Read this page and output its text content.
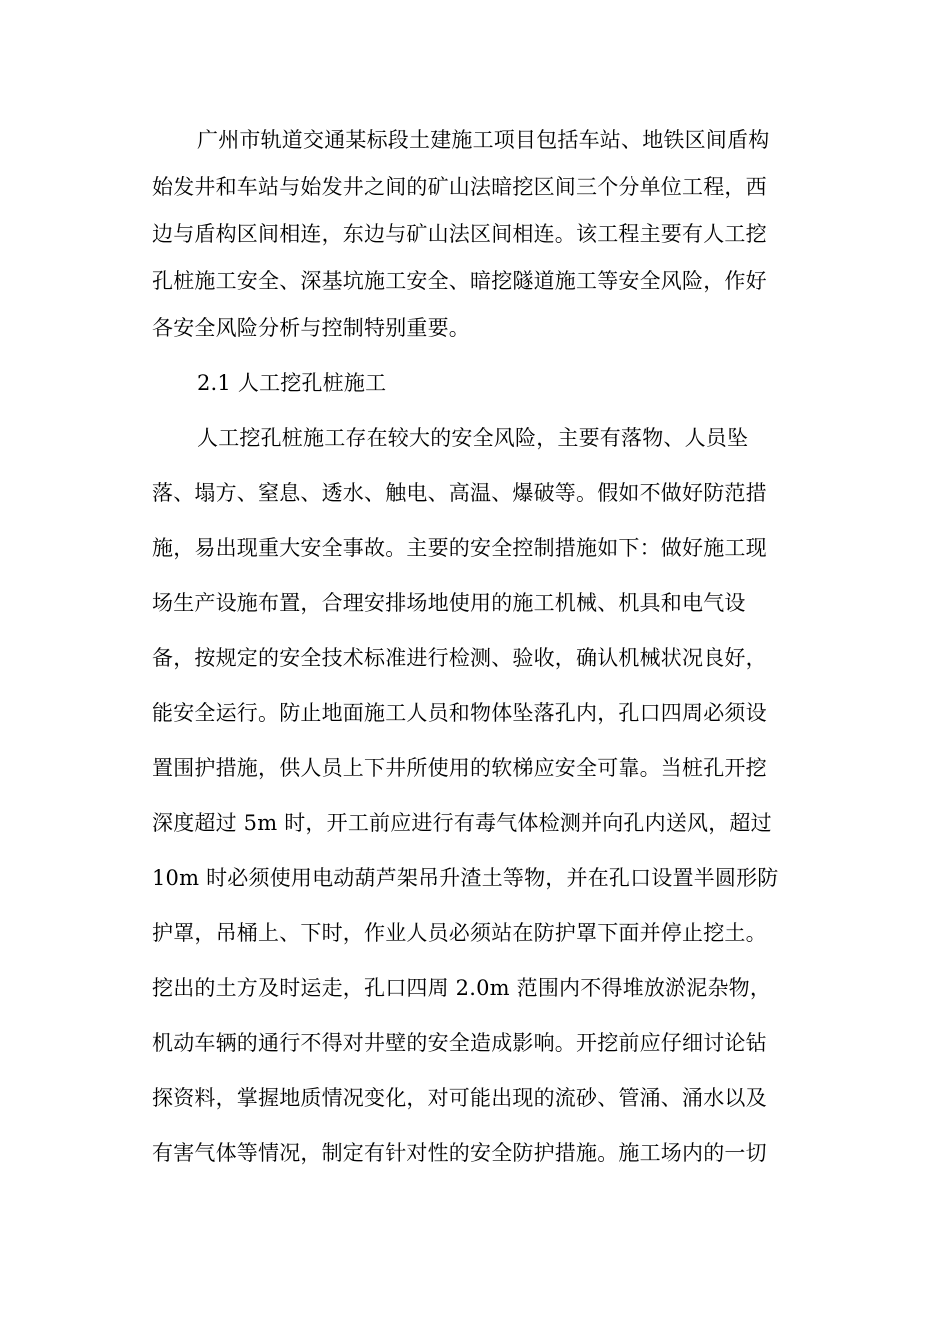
广州市轨道交通某标段土建施工项目包括车站、地铁区间盾构
始发井和车站与始发井之间的矿山法暗挖区间三个分单位工程，西
边与盾构区间相连，东边与矿山法区间相连。该工程主要有人工挖
孔桩施工安全、深基坑施工安全、暗挖隧道施工等安全风险，作好
各安全风险分析与控制特别重要。
2.1 人工挖孔桩施工
人工挖孔桩施工存在较大的安全风险，主要有落物、人员坠
落、塌方、窒息、透水、触电、高温、爆破等。假如不做好防范措
施，易出现重大安全事故。主要的安全控制措施如下：做好施工现
场生产设施布置，合理安排场地使用的施工机械、机具和电气设
备，按规定的安全技术标准进行检测、验收，确认机械状况良好，
能安全运行。防止地面施工人员和物体坠落孔内，孔口四周必须设
置围护措施，供人员上下井所使用的软梯应安全可靠。当桩孔开挖
深度超过 5m 时，开工前应进行有毒气体检测并向孔内送风，超过
10m 时必须使用电动葫芦架吊升渣土等物，并在孔口设置半圆形防
护罩，吊桶上、下时，作业人员必须站在防护罩下面并停止挖土。
挖出的土方及时运走，孔口四周 2.0m 范围内不得堆放淤泥杂物，
机动车辆的通行不得对井壁的安全造成影响。开挖前应仔细讨论钻
探资料，掌握地质情况变化，对可能出现的流砂、管涌、涌水以及
有害气体等情况，制定有针对性的安全防护措施。施工场内的一切
